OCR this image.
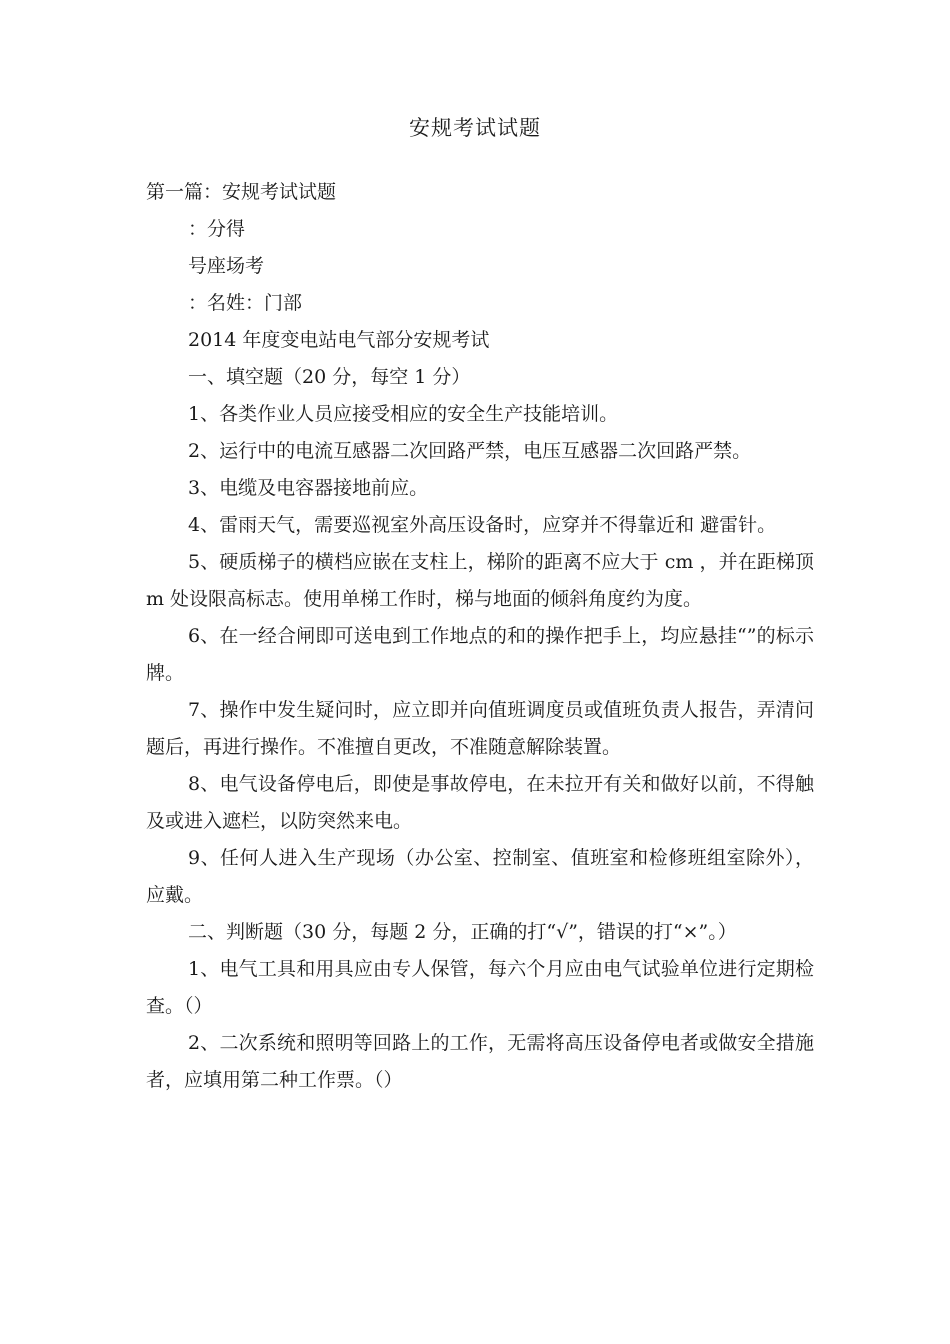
安规考试试题

第一篇：安规考试试题

：分得

号座场考

：名姓：门部

2014 年度变电站电气部分安规考试

一、填空题（20 分，每空 1 分）

1、各类作业人员应接受相应的安全生产技能培训。

2、运行中的电流互感器二次回路严禁，电压互感器二次回路严禁。

3、电缆及电容器接地前应。

4、雷雨天气，需要巡视室外高压设备时，应穿并不得靠近和 避雷针。

5、硬质梯子的横档应嵌在支柱上，梯阶的距离不应大于 cm ，并在距梯顶 m 处设限高标志。使用单梯工作时，梯与地面的倾斜角度约为度。

6、在一经合闸即可送电到工作地点的和的操作把手上，均应悬挂“”的标示牌。

7、操作中发生疑问时，应立即并向值班调度员或值班负责人报告，弄清问题后，再进行操作。不准擅自更改，不准随意解除装置。

8、电气设备停电后，即使是事故停电，在未拉开有关和做好以前，不得触及或进入遮栏，以防突然来电。

9、任何人进入生产现场（办公室、控制室、值班室和检修班组室除外），应戴。

二、判断题（30 分，每题 2 分，正确的打“√”，错误的打“×”。）

1、电气工具和用具应由专人保管，每六个月应由电气试验单位进行定期检查。（）

2、二次系统和照明等回路上的工作，无需将高压设备停电者或做安全措施者，应填用第二种工作票。（）
